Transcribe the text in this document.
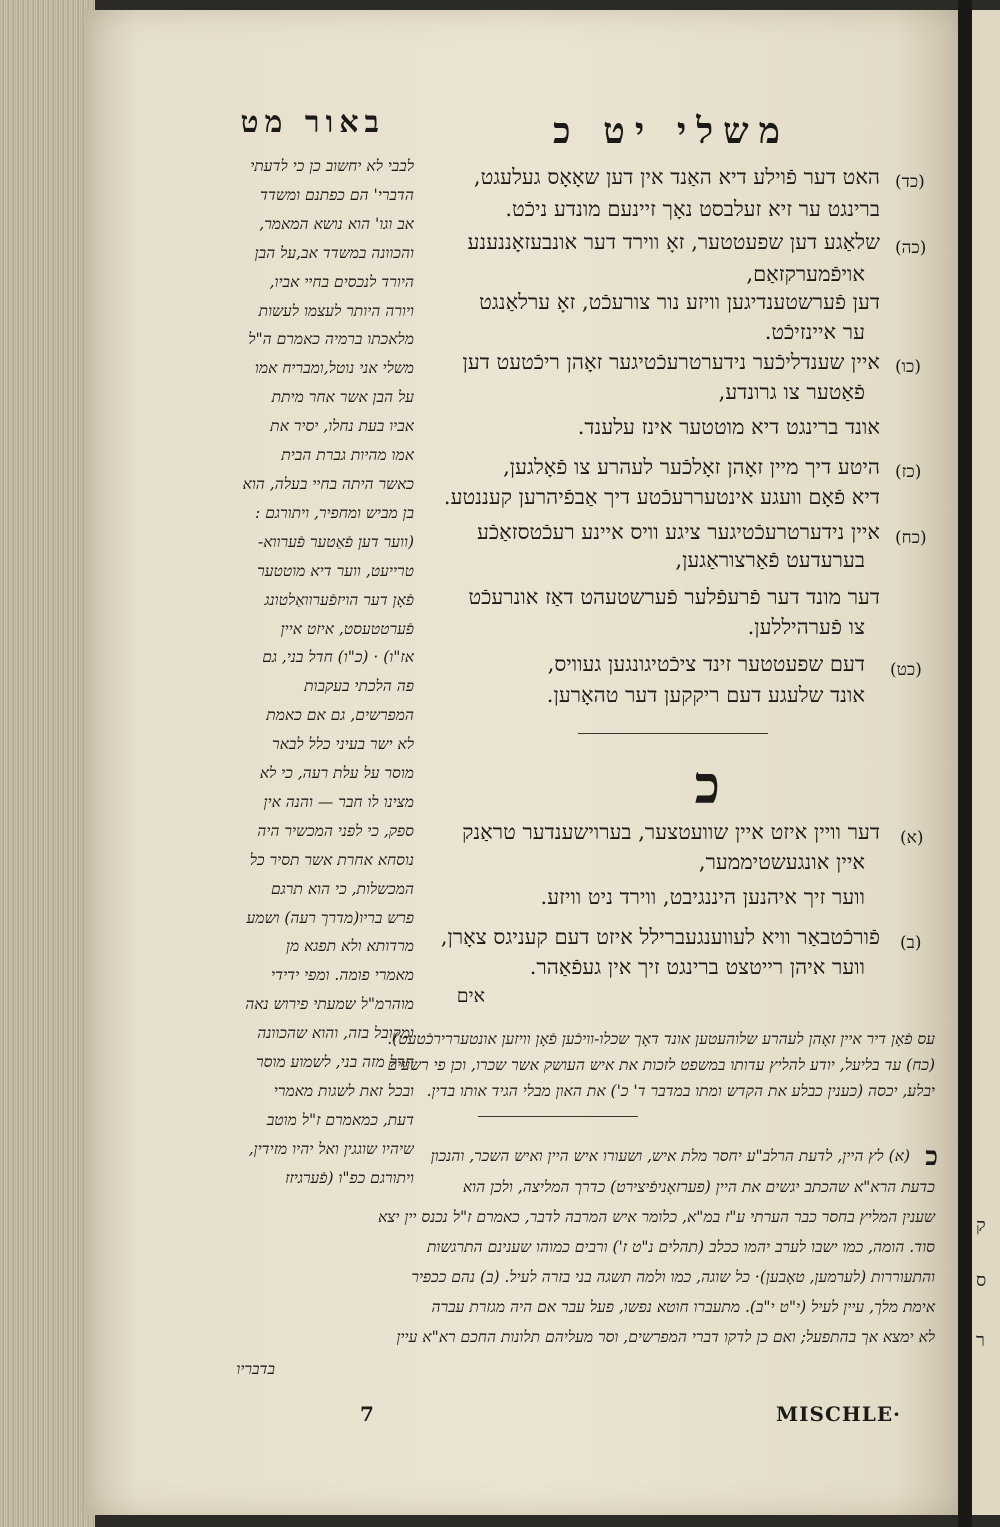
ק
ס
ר
משלי יט כ
באור מט
(כד)
האט דער פֿוילע דיא האַנד אין דען שאָאָס געלעגט,
ברינגט ער זיא זעלבסט נאָך זיינעם מונדע ניכֿט.
(כה)
שלאַגע דען שפעטטער, זאָ ווירד דער אונבעזאָננענע
אויפֿמערקזאַם,
דען פֿערשטענדיגען וויזע נור צורעכֿט, זאָ ערלאַנגט
ער איינזיכֿט.
(כו)
איין שענדליכֿער נידערטרעכֿטיגער זאָהן ריכֿטעט דען
פֿאַטער צו גרונדע,
אונד ברינגט דיא מוטטער אינז עלענד.
(כז)
היטע דיך מיין זאָהן זאָלכֿער לעהרע צו פֿאָלגען,
דיא פֿאָם וועגע אינטעררעכֿטע דיך אַבפֿיהרען קעננטע.
(כח)
איין נידערטרעכֿטיגער ציגע וויס איינע רעכֿטסזאַכֿע
בערעדעט פֿאַרצוראַגען,
דער מונד דער פֿרעפֿלער פֿערשטעהט דאַז אונרעכֿט
צו פֿערהיללען.
(כט)
דעם שפעטטער זינד ציכֿטיגונגען געוויס,
אונד שלעגע דעם ריקקען דער טהאָרען.
כ
(א)
דער וויין איזט איין שוועטצער, בערוישענדער טראַנק
איין אונגעשטיממער,
ווער זיך איהנען היננגיבט, ווירד ניט וויזע.
(ב)
פֿורכֿטבאַר וויא לעווענגעברילל איזט דעם קעניגס צאָרן,
ווער איהן רייטצט ברינגט זיך אין געפֿאַהר.
אים
לבבי לא יחשוב כן כי לדעתי
הדברי' הם כפתנם ומשדד
אב וגו' הוא נושא המאמר,
והכוונה במשדד אב,על הבן
היורד לנכסים בחיי אביו,
ויורה היותר לעצמו לעשות
מלאכתו ברמיה כאמרם ה"ל
משלי אני נוטל,ומבריח אמו
על הבן אשר אחר מיתת
אביו בעת נחלו, יסיר את
אמו מהיות גברת הבית
כאשר היתה בחיי בעלה, הוא
בן מביש ומחפיר, ויתורגם :
(ווער דען פֿאַטער פֿערווא-
טרייעט, ווער דיא מוטטער
פֿאָן דער הויזפֿערוואַלטונג
פֿערטטעסט, איזט איין
אז"ו) · (כ"ו) חדל בני, גם
פה הלכתי בעקבות
המפרשים, גם אם כאמת
לא ישר בעיני כלל לבאר
מוסר על עלת רעה, כי לא
מצינו לו חבר — והנה אין
ספק, כי לפני המכשיר היה
נוסחא אחרת אשר תסיר כל
המכשלות, כי הוא תרגם
פרש בריו(מדרך רעה) ושמע
מרדותא ולא תפגא מן
מאמרי פומה. ומפי ידידי
מוהרמ"ל שמעתי פירוש נאה
ומקובל בזה, והוא שהכוונה
חדל מזה בני, לשמוע מוסר
ובכל זאת לשגות מאמרי
דעת, כמאמרם ז"ל מוטב
שיהיו שוגגין ואל יהיו מזידין,
ויתורגם כפ"ו (פֿערגיזז
עס פֿאָן דיר איין זאָהן לעהרע שלוהעטען אונד דאָך שכלו-וויכֿען פֿאָן וויזען אונטעררירכֿטעט).
(כח) עד בליעל, יודע להליץ עדותו במשפט לזכות את איש העושק אשר שכרו, וכן פי רשעים
יבלע, יכסה (כענין כבלע את הקדש ומתו במדבר ד' כ') את האון מבלי הגיד אותו בדין.
כ
(א) לץ היין, לדעת הרלב"ע יחסר מלת איש, ושעורו איש היין ואיש השכר, והנכון
כדעת הרא"א שהכתב יגשים את היין (פערזאָניפֿיצירט) כדרך המליצה, ולכן הוא
שענין המליץ בחסר כבר הערתי ע"ז במ"א, כלומר איש המרבה לדבר, כאמרם ז"ל נכנס יין יצא
סוד. הומה, כמו ישבו לערב יהמו ככלב (תהלים נ"ט ז') ורבים כמוהו שענינם התרגשות
והתעוררות (לערמען, טאָבען)· כל שוגה, כמו ולמה תשגה בני בזרה לעיל. (ב) נהם ככפיר
אימת מלך, עיין לעיל (י"ט י"ב). מתעברו חוטא נפשו, פעל עבר אם היה מגזרת עברה
לא ימצא אך בהתפעל; ואם כן לדקו דברי המפרשים, וסר מעליהם תלונות החכם רא"א עיין
בדבריו
7	MISCHLE·
